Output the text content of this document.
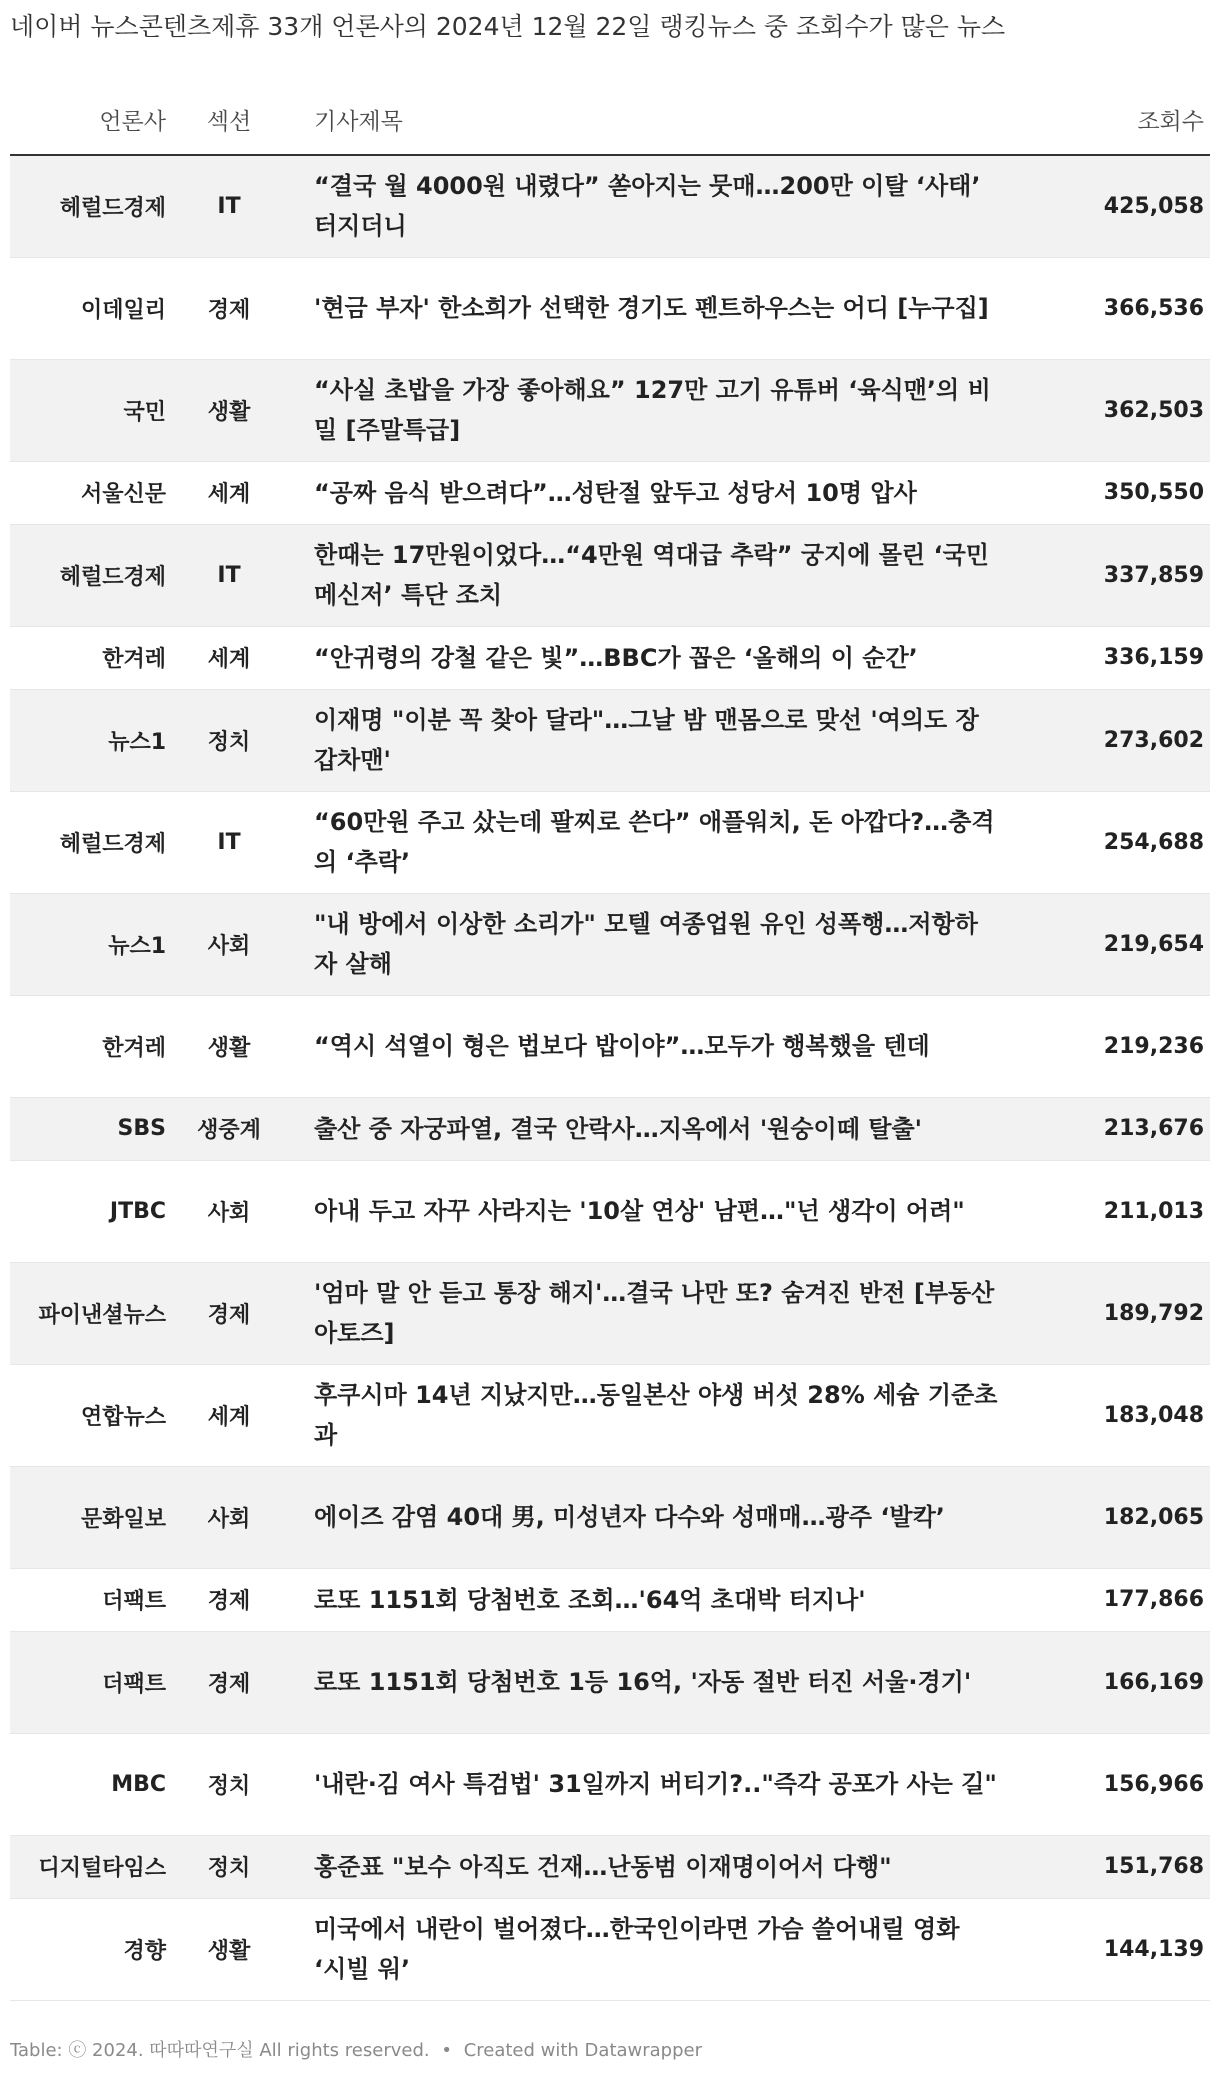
네이버 뉴스콘텐츠제휴 33개 언론사의 2024년 12월 22일 랭킹뉴스 중 조회수가 많은 뉴스
언론사	섹션	기사제목	조회수
헤럴드경제	IT	“결국 월 4000원 내렸다” 쏟아지는 뭇매…200만 이탈 ‘사태’ 터지더니	425,058
이데일리	경제	'현금 부자' 한소희가 선택한 경기도 펜트하우스는 어디 [누구집]	366,536
국민	생활	“사실 초밥을 가장 좋아해요” 127만 고기 유튜버 ‘육식맨’의 비밀 [주말특급]	362,503
서울신문	세계	“공짜 음식 받으려다”…성탄절 앞두고 성당서 10명 압사	350,550
헤럴드경제	IT	한때는 17만원이었다…“4만원 역대급 추락” 궁지에 몰린 ‘국민 메신저’ 특단 조치	337,859
한겨레	세계	“안귀령의 강철 같은 빛”…BBC가 꼽은 ‘올해의 이 순간’	336,159
뉴스1	정치	이재명 "이분 꼭 찾아 달라"…그날 밤 맨몸으로 맞선 '여의도 장갑차맨'	273,602
헤럴드경제	IT	“60만원 주고 샀는데 팔찌로 쓴다” 애플워치, 돈 아깝다?…충격의 ‘추락’	254,688
뉴스1	사회	"내 방에서 이상한 소리가" 모텔 여종업원 유인 성폭행…저항하자 살해	219,654
한겨레	생활	“역시 석열이 형은 법보다 밥이야”…모두가 행복했을 텐데	219,236
SBS	생중계	출산 중 자궁파열, 결국 안락사…지옥에서 '원숭이떼 탈출'	213,676
JTBC	사회	아내 두고 자꾸 사라지는 '10살 연상' 남편…"넌 생각이 어려"	211,013
파이낸셜뉴스	경제	'엄마 말 안 듣고 통장 해지'…결국 나만 또? 숨겨진 반전 [부동산아토즈]	189,792
연합뉴스	세계	후쿠시마 14년 지났지만…동일본산 야생 버섯 28% 세슘 기준초과	183,048
문화일보	사회	에이즈 감염 40대 男, 미성년자 다수와 성매매…광주 ‘발칵’	182,065
더팩트	경제	로또 1151회 당첨번호 조회…'64억 초대박 터지나'	177,866
더팩트	경제	로또 1151회 당첨번호 1등 16억, '자동 절반 터진 서울·경기'	166,169
MBC	정치	'내란·김 여사 특검법' 31일까지 버티기?.."즉각 공포가 사는 길"	156,966
디지털타임스	정치	홍준표 "보수 아직도 건재…난동범 이재명이어서 다행"	151,768
경향	생활	미국에서 내란이 벌어졌다…한국인이라면 가슴 쓸어내릴 영화 ‘시빌 워’	144,139
Table: ⓒ 2024. 따따따연구실 All rights reserved. • Created with Datawrapper
